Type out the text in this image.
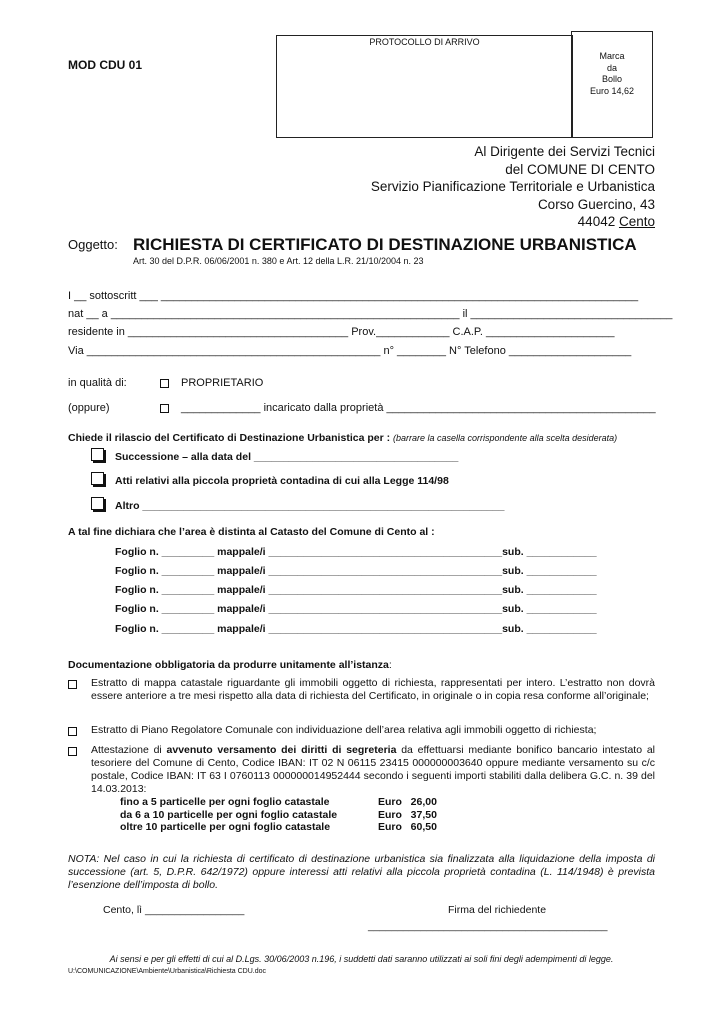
MOD CDU 01
PROTOCOLLO DI ARRIVO
Marca
da
Bollo
Euro 14,62
Al Dirigente dei Servizi Tecnici
del COMUNE DI CENTO
Servizio Pianificazione Territoriale e Urbanistica
Corso Guercino, 43
44042 Cento
Oggetto: RICHIESTA DI CERTIFICATO DI DESTINAZIONE URBANISTICA
Art. 30 del D.P.R. 06/06/2001 n. 380 e Art. 12 della L.R. 21/10/2004 n. 23
I __ sottoscritt ___ ______________________________________________________________________________
nat __ a _________________________________________________________ il _________________________________
residente in ____________________________________ Prov.____________ C.A.P. _____________________
Via ________________________________________________ n° ________ N° Telefono ____________________
in qualità di:	PROPRIETARIO
(oppure)	_____________ incaricato dalla proprietà ____________________________________________
Chiede il rilascio del Certificato di Destinazione Urbanistica per : (barrare la casella corrispondente alla scelta desiderata)
Successione – alla data del ___________________________________
Atti relativi alla piccola proprietà contadina di cui alla Legge 114/98
Altro ______________________________________________________________
A tal fine dichiara che l’area è distinta al Catasto del Comune di Cento al :
Foglio n. _________ mappale/i ________________________________________sub. ____________
Foglio n. _________ mappale/i ________________________________________sub. ____________
Foglio n. _________ mappale/i ________________________________________sub. ____________
Foglio n. _________ mappale/i ________________________________________sub. ____________
Foglio n. _________ mappale/i ________________________________________sub. ____________
Documentazione obbligatoria da produrre unitamente all’istanza:
Estratto di mappa catastale riguardante gli immobili oggetto di richiesta, rappresentati per intero. L’estratto non dovrà essere anteriore a tre mesi rispetto alla data di richiesta del Certificato, in originale o in copia resa conforme all’originale;
Estratto di Piano Regolatore Comunale con individuazione dell’area relativa agli immobili oggetto di richiesta;
Attestazione di avvenuto versamento dei diritti di segreteria da effettuarsi mediante bonifico bancario intestato al tesoriere del Comune di Cento, Codice IBAN: IT 02 N 06115 23415 000000003640 oppure mediante versamento su c/c postale, Codice IBAN: IT 63 I 0760113 000000014952444 secondo i seguenti importi stabiliti dalla delibera G.C. n. 39 del 14.03.2013:
fino a 5 particelle per ogni foglio catastale	Euro   26,00
da 6 a 10 particelle per ogni foglio catastale	Euro   37,50
oltre 10 particelle per ogni foglio catastale	Euro   60,50
NOTA: Nel caso in cui la richiesta di certificato di destinazione urbanistica sia finalizzata alla liquidazione della imposta di successione (art. 5, D.P.R. 642/1972) oppure interessi atti relativi alla piccola proprietà contadina (L. 114/1948) è prevista l’esenzione dell’imposta di bollo.
Cento, lì _________________	Firma del richiedente
_________________________________________
Ai sensi e per gli effetti di cui al D.Lgs. 30/06/2003 n.196, i suddetti dati saranno utilizzati ai soli fini degli adempimenti di legge.
U:\COMUNICAZIONE\Ambiente\Urbanistica\Richiesta CDU.doc
